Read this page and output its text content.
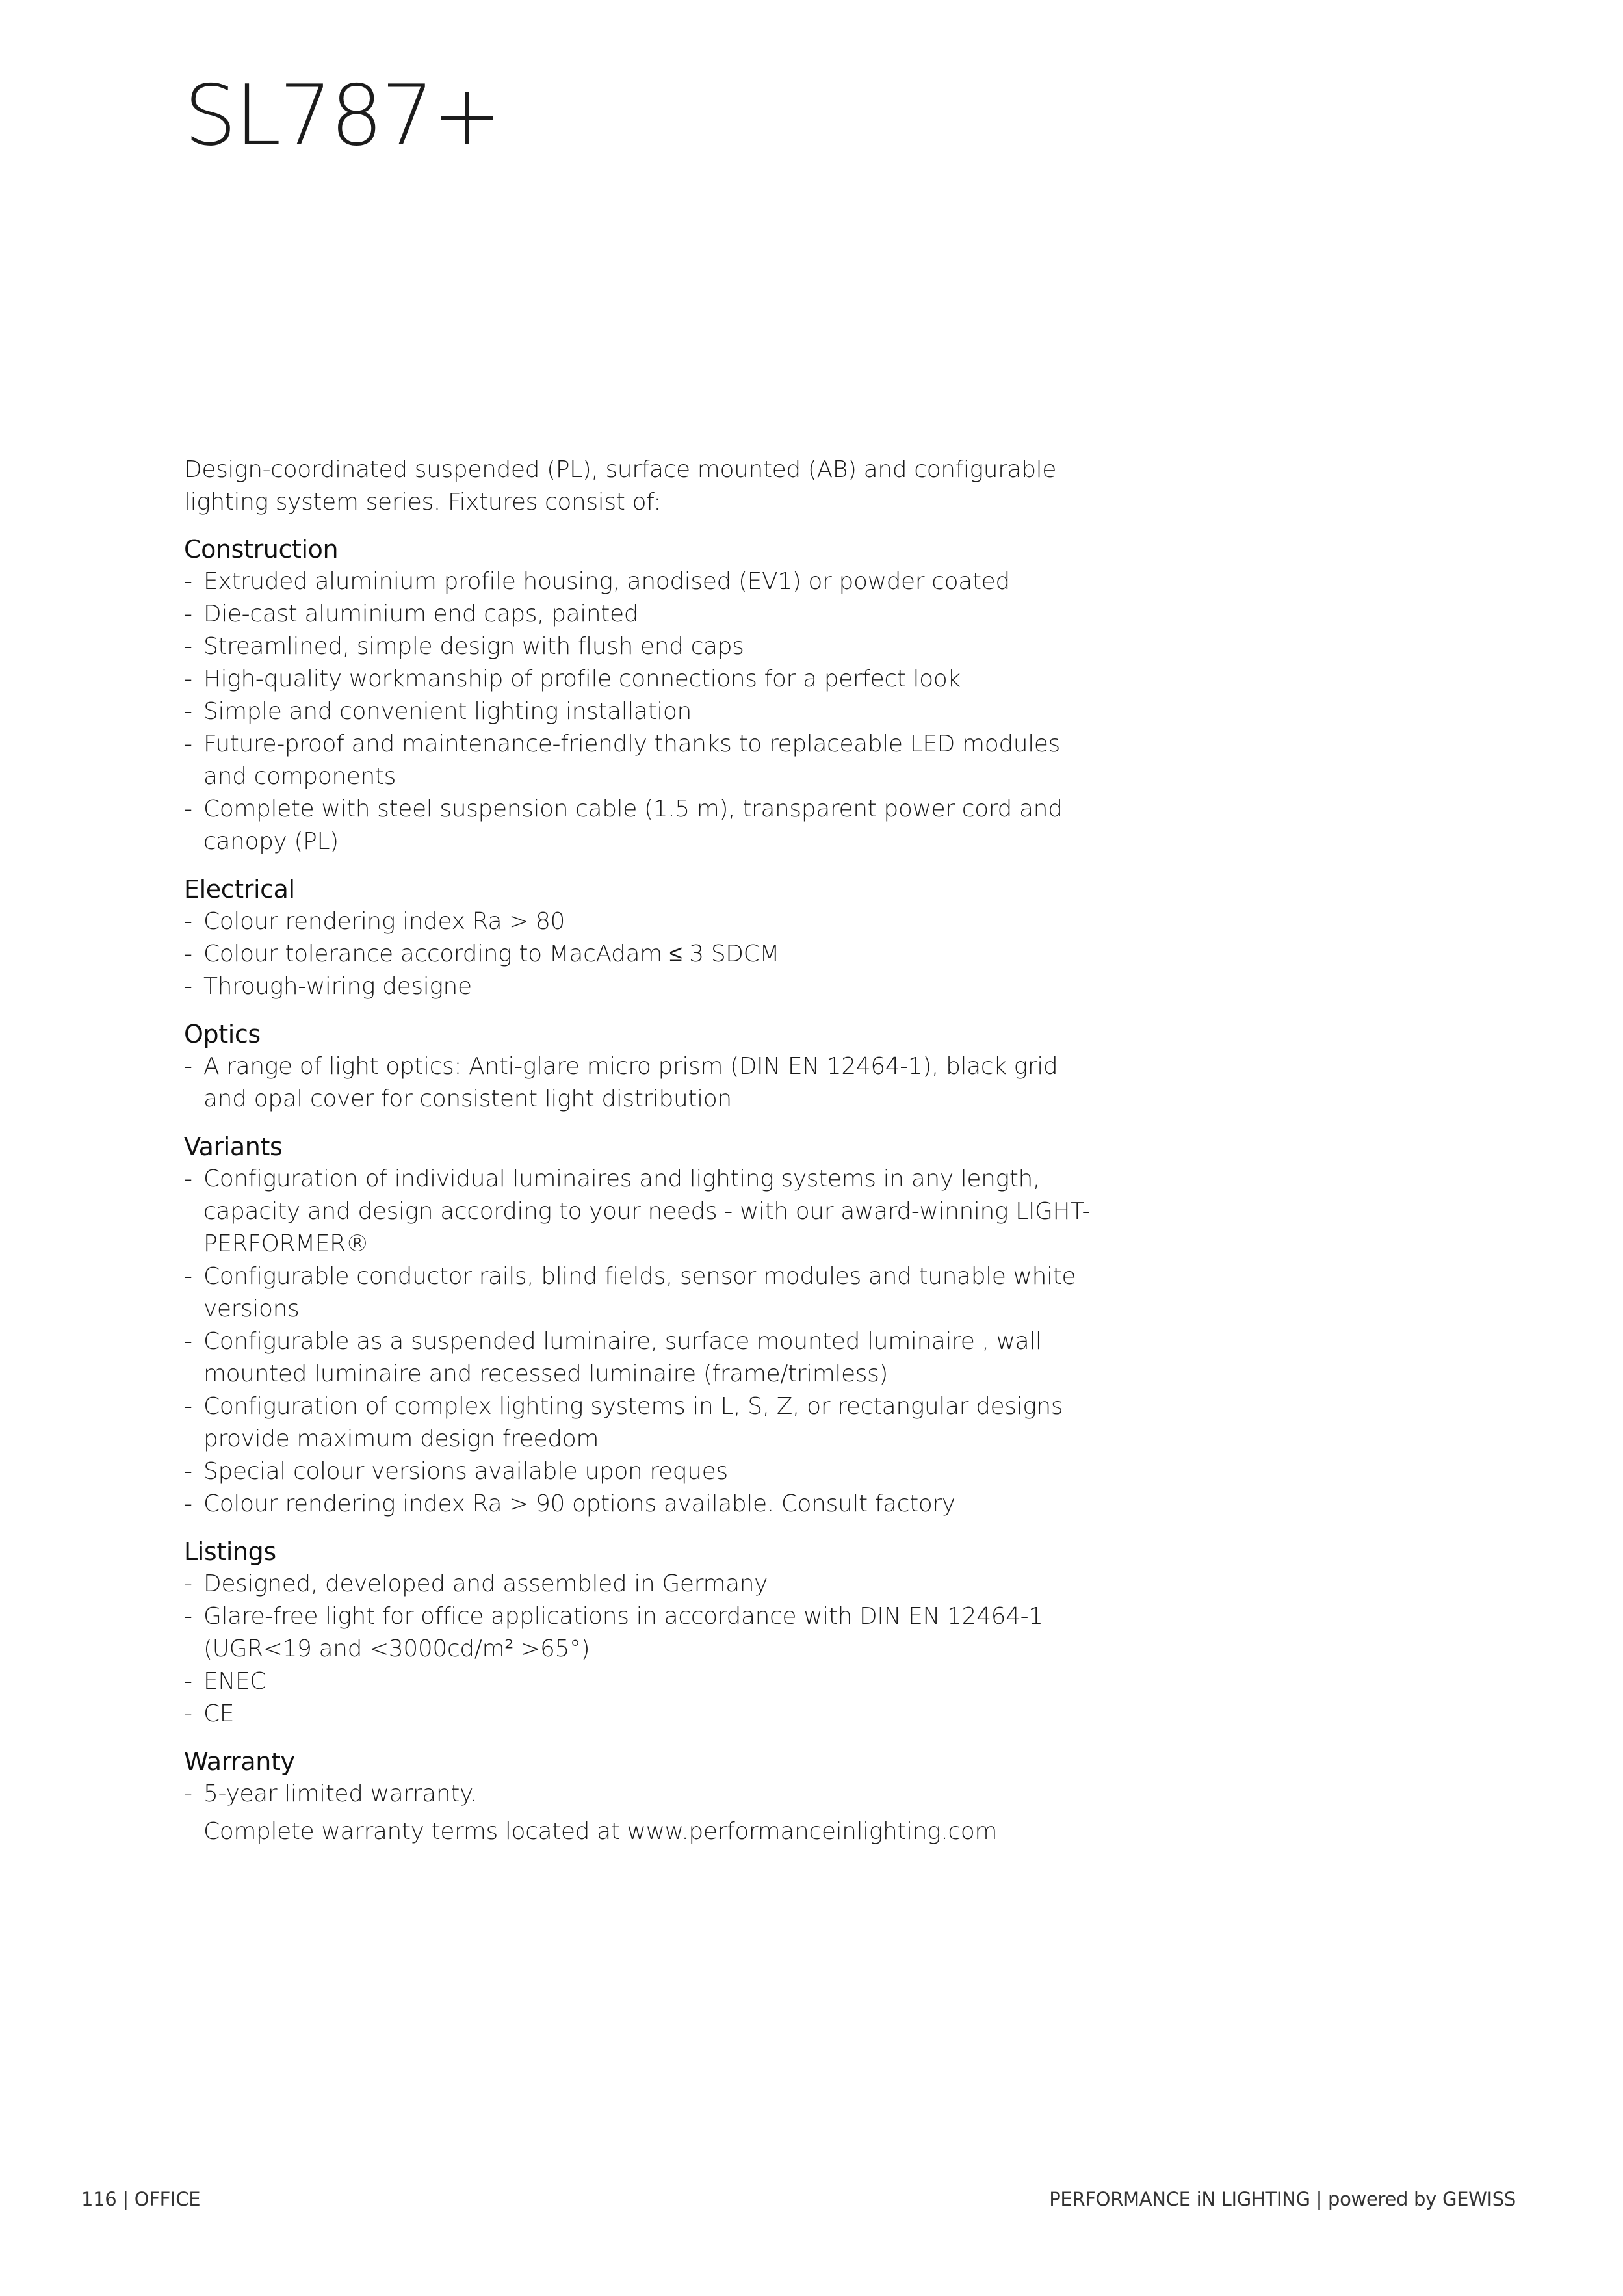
SL787+

Design-coordinated suspended (PL), surface mounted (AB) and configurable lighting system series. Fixtures consist of:

Construction
- Extruded aluminium profile housing, anodised (EV1) or powder coated
- Die-cast aluminium end caps, painted
- Streamlined, simple design with flush end caps
- High-quality workmanship of profile connections for a perfect look
- Simple and convenient lighting installation
- Future-proof and maintenance-friendly thanks to replaceable LED modules and components
- Complete with steel suspension cable (1.5 m), transparent power cord and canopy (PL)
Electrical
- Colour rendering index Ra > 80
- Colour tolerance according to MacAdam ≤ 3 SDCM
- Through-wiring designe
Optics
- A range of light optics: Anti-glare micro prism (DIN EN 12464-1), black grid and opal cover for consistent light distribution
Variants
- Configuration of individual luminaires and lighting systems in any length, capacity and design according to your needs - with our award-winning LIGHT-PERFORMER®
- Configurable conductor rails, blind fields, sensor modules and tunable white versions
- Configurable as a suspended luminaire, surface mounted luminaire , wall mounted luminaire and recessed luminaire (frame/trimless)
- Configuration of complex lighting systems in L, S, Z, or rectangular designs provide maximum design freedom
- Special colour versions available upon reques
- Colour rendering index Ra > 90 options available. Consult factory
Listings
- Designed, developed and assembled in Germany
- Glare-free light for office applications in accordance with DIN EN 12464-1 (UGR<19 and <3000cd/m² >65°)
- ENEC
- CE
Warranty
- 5-year limited warranty.

Complete warranty terms located at www.performanceinlighting.com

116 | OFFICE	PERFORMANCE iN LIGHTING | powered by GEWISS
